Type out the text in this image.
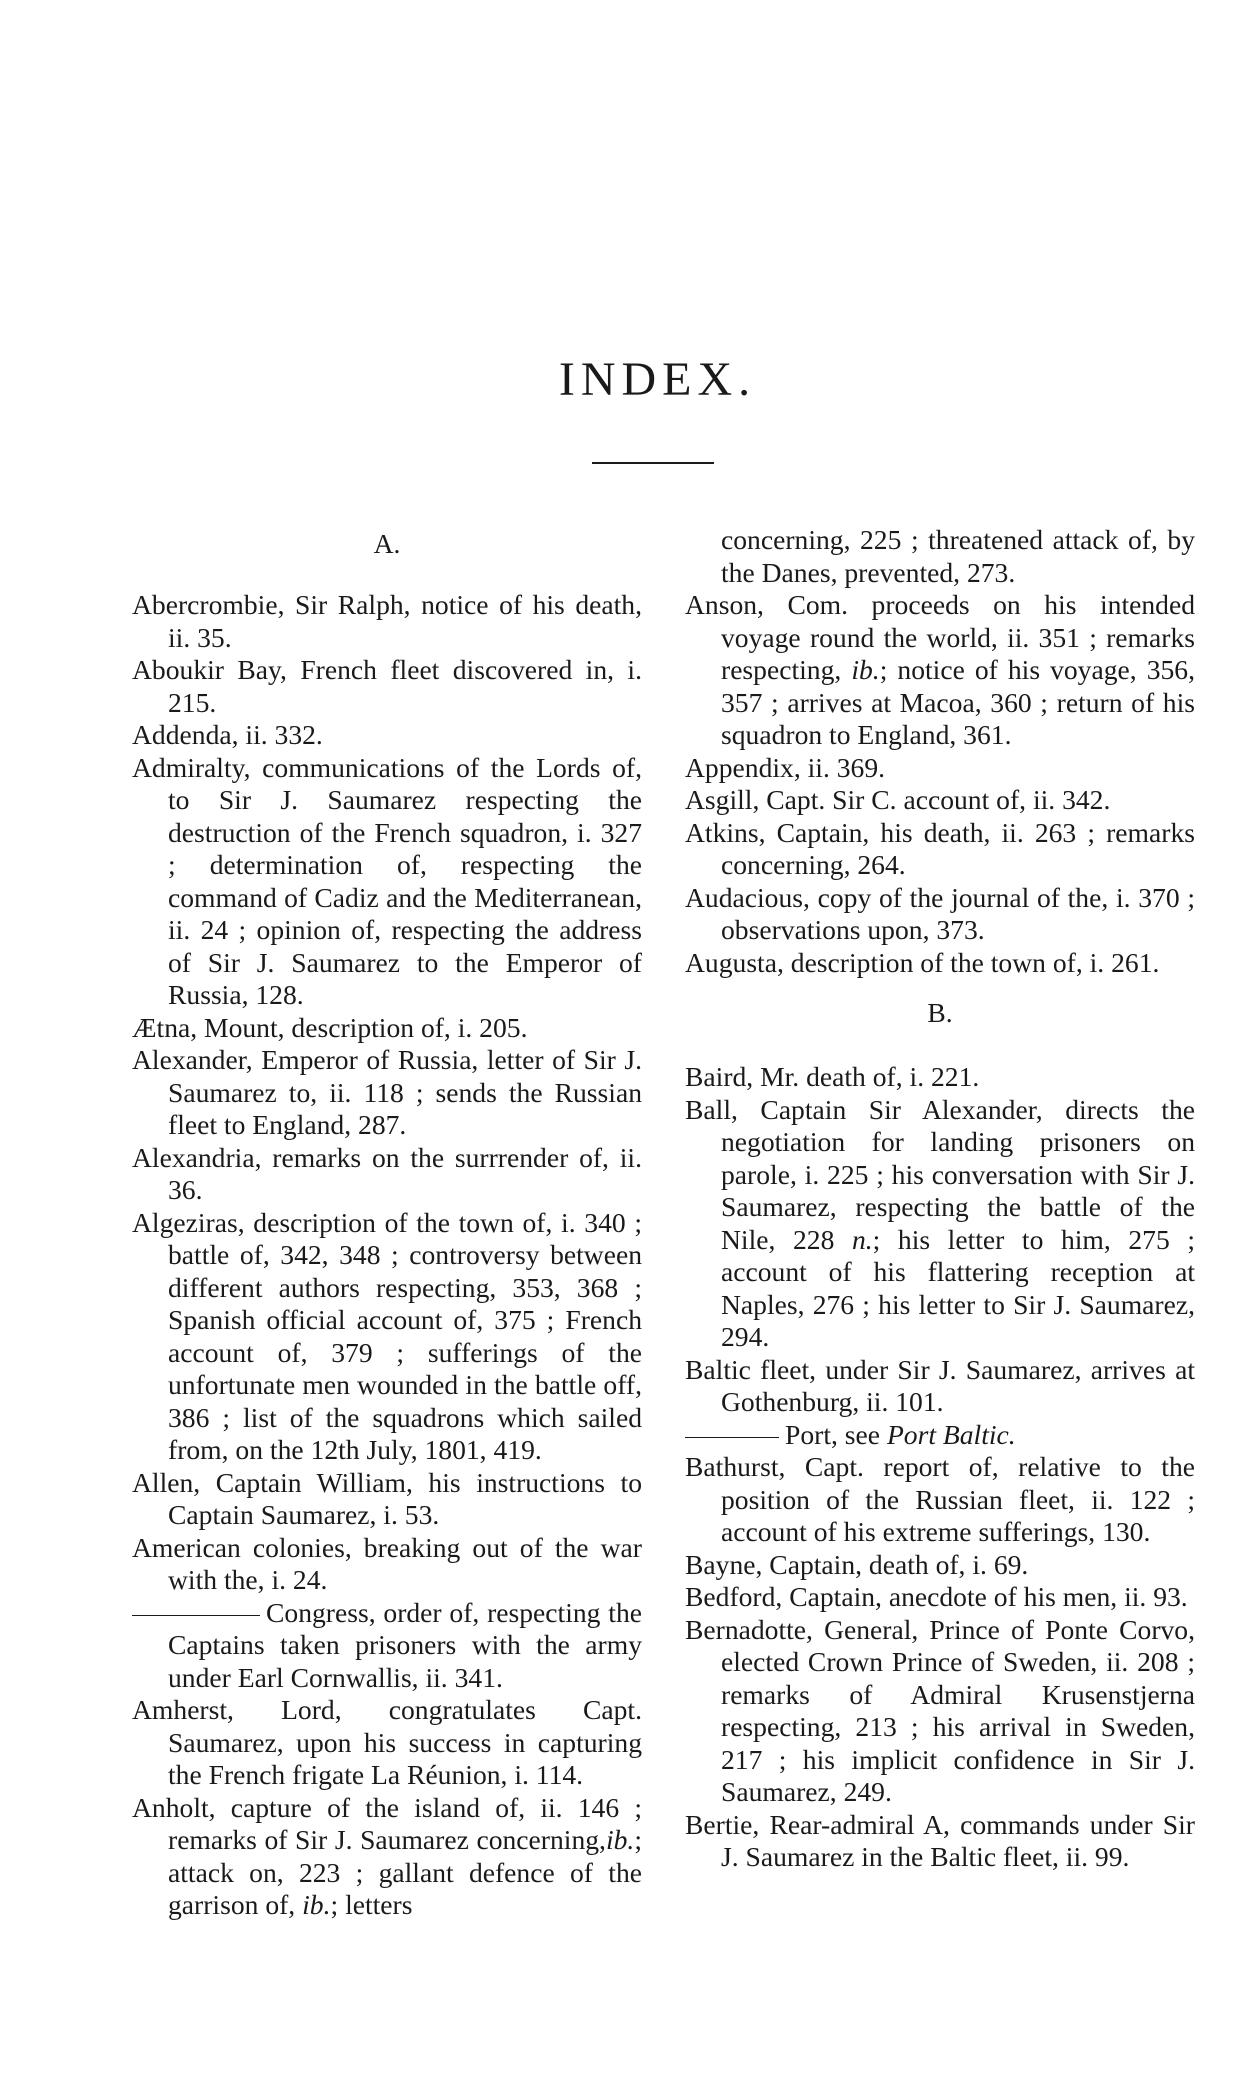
INDEX.
A.
Abercrombie, Sir Ralph, notice of his death, ii. 35.
Aboukir Bay, French fleet discovered in, i. 215.
Addenda, ii. 332.
Admiralty, communications of the Lords of, to Sir J. Saumarez respecting the destruction of the French squadron, i. 327 ; determination of, respecting the command of Cadiz and the Mediterranean, ii. 24 ; opinion of, respecting the address of Sir J. Saumarez to the Emperor of Russia, 128.
Ætna, Mount, description of, i. 205.
Alexander, Emperor of Russia, letter of Sir J. Saumarez to, ii. 118 ; sends the Russian fleet to England, 287.
Alexandria, remarks on the surrrender of, ii. 36.
Algeziras, description of the town of, i. 340 ; battle of, 342, 348 ; controversy between different authors respecting, 353, 368 ; Spanish official account of, 375 ; French account of, 379 ; sufferings of the unfortunate men wounded in the battle off, 386 ; list of the squadrons which sailed from, on the 12th July, 1801, 419.
Allen, Captain William, his instructions to Captain Saumarez, i. 53.
American colonies, breaking out of the war with the, i. 24.
Congress, order of, respecting the Captains taken prisoners with the army under Earl Cornwallis, ii. 341.
Amherst, Lord, congratulates Capt. Saumarez, upon his success in capturing the French frigate La Réunion, i. 114.
Anholt, capture of the island of, ii. 146 ; remarks of Sir J. Saumarez concerning,ib.; attack on, 223 ; gallant defence of the garrison of, ib.; letters
concerning, 225 ; threatened attack of, by the Danes, prevented, 273.
Anson, Com. proceeds on his intended voyage round the world, ii. 351 ; remarks respecting, ib.; notice of his voyage, 356, 357 ; arrives at Macoa, 360 ; return of his squadron to England, 361.
Appendix, ii. 369.
Asgill, Capt. Sir C. account of, ii. 342.
Atkins, Captain, his death, ii. 263 ; remarks concerning, 264.
Audacious, copy of the journal of the, i. 370 ; observations upon, 373.
Augusta, description of the town of, i. 261.
B.
Baird, Mr. death of, i. 221.
Ball, Captain Sir Alexander, directs the negotiation for landing prisoners on parole, i. 225 ; his conversation with Sir J. Saumarez, respecting the battle of the Nile, 228 n.; his letter to him, 275 ; account of his flattering reception at Naples, 276 ; his letter to Sir J. Saumarez, 294.
Baltic fleet, under Sir J. Saumarez, arrives at Gothenburg, ii. 101.
Port, see Port Baltic.
Bathurst, Capt. report of, relative to the position of the Russian fleet, ii. 122 ; account of his extreme sufferings, 130.
Bayne, Captain, death of, i. 69.
Bedford, Captain, anecdote of his men, ii. 93.
Bernadotte, General, Prince of Ponte Corvo, elected Crown Prince of Sweden, ii. 208 ; remarks of Admiral Krusenstjerna respecting, 213 ; his arrival in Sweden, 217 ; his implicit confidence in Sir J. Saumarez, 249.
Bertie, Rear-admiral A, commands under Sir J. Saumarez in the Baltic fleet, ii. 99.
